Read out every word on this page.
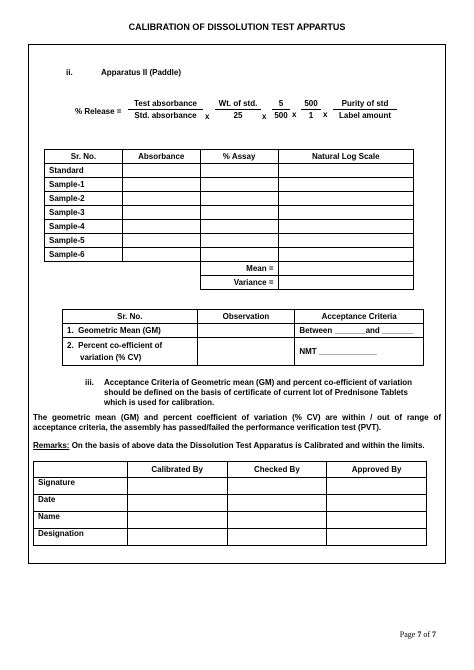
CALIBRATION OF DISSOLUTION TEST APPARTUS
ii.	Apparatus II (Paddle)
% Release =
Test absorbance
Std. absorbance	x
Wt. of std.
25	x $\frac{5}{500}$ x $\frac{500}{1}$ x
Purity of std
Label amount
Sr. No.	Absorbance	% Assay	Natural Log Scale
Standard			
Sample-1			
Sample-2			
Sample-3			
Sample-4			
Sample-5			
Sample-6			
		Mean =	
		Variance =	
Sr. No.	Observation	Acceptance Criteria
1. Geometric Mean (GM)		Between _______and _______
2. Percent co-efficient of
variation (% CV)		NMT _____________
iii. Acceptance Criteria of Geometric mean (GM) and percent co-efficient of variation should be defined on the basis of certificate of current lot of Prednisone Tablets which is used for calibration.
The geometric mean (GM) and percent coefficient of variation (% CV) are within / out of range of acceptance criteria, the assembly has passed/failed the performance verification test (PVT).
Remarks: On the basis of above data the Dissolution Test Apparatus is Calibrated and within the limits.
	Calibrated By	Checked By	Approved By
Signature			
Date			
Name			
Designation			
Page 7 of 7
